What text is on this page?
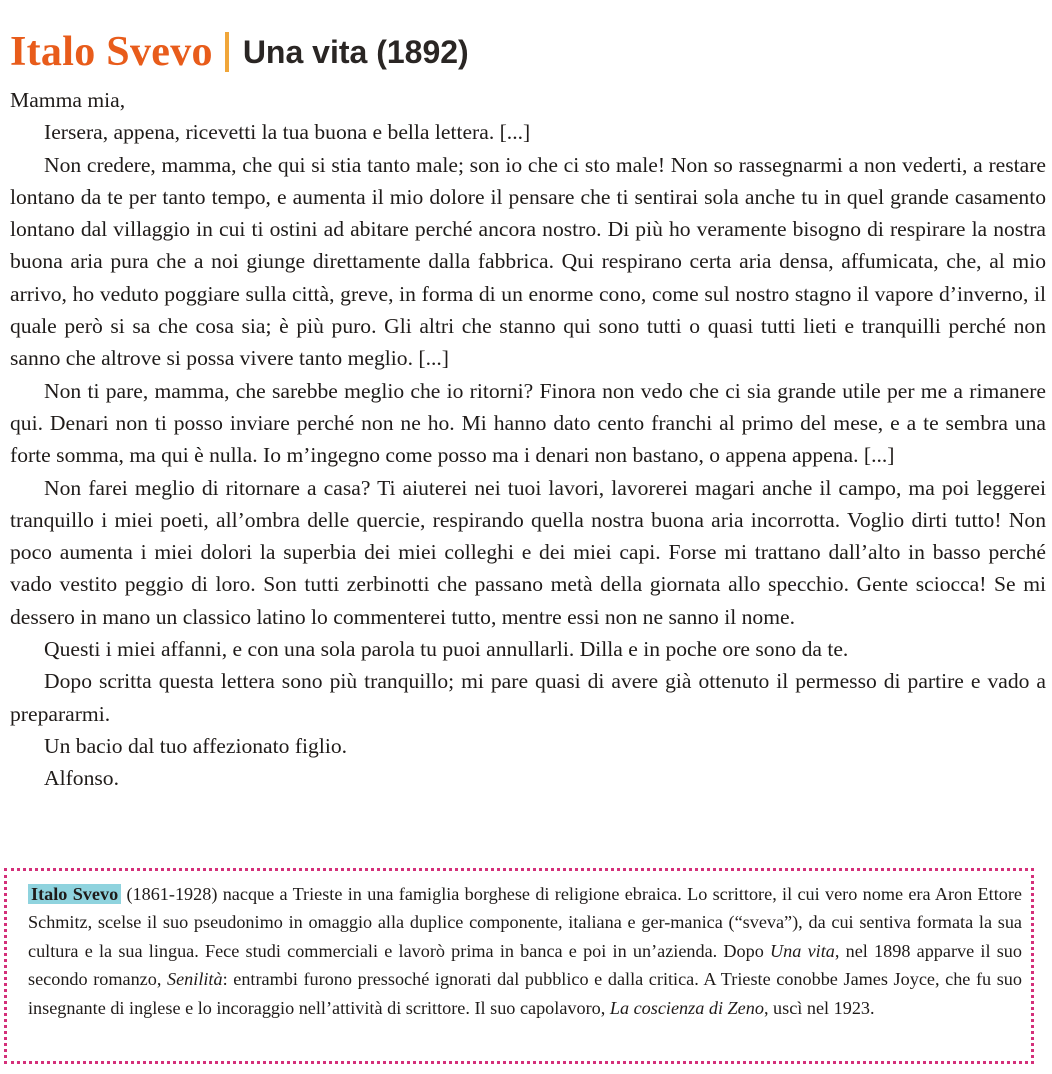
Italo Svevo Una vita (1892)

Mamma mia,

Iersera, appena, ricevetti la tua buona e bella lettera. [...]

Non credere, mamma, che qui si stia tanto male; son io che ci sto male! Non so rassegnarmi a non vederti, a restare lontano da te per tanto tempo, e aumenta il mio dolore il pensare che ti sentirai sola anche tu in quel grande casamento lontano dal villaggio in cui ti ostini ad abitare perché ancora nostro. Di più ho veramente bisogno di respirare la nostra buona aria pura che a noi giunge direttamente dalla fabbrica. Qui respirano certa aria densa, affumicata, che, al mio arrivo, ho veduto poggiare sulla città, greve, in forma di un enorme cono, come sul nostro stagno il vapore d’inverno, il quale però si sa che cosa sia; è più puro. Gli altri che stanno qui sono tutti o quasi tutti lieti e tranquilli perché non sanno che altrove si possa vivere tanto meglio. [...]

Non ti pare, mamma, che sarebbe meglio che io ritorni? Finora non vedo che ci sia grande utile per me a rimanere qui. Denari non ti posso inviare perché non ne ho. Mi hanno dato cento franchi al primo del mese, e a te sembra una forte somma, ma qui è nulla. Io m’ingegno come posso ma i denari non bastano, o appena appena. [...]

Non farei meglio di ritornare a casa? Ti aiuterei nei tuoi lavori, lavorerei magari anche il campo, ma poi leggerei tranquillo i miei poeti, all’ombra delle quercie, respirando quella nostra buona aria incorrotta. Voglio dirti tutto! Non poco aumenta i miei dolori la superbia dei miei colleghi e dei miei capi. Forse mi trattano dall’alto in basso perché vado vestito peggio di loro. Son tutti zerbinotti che passano metà della giornata allo specchio. Gente sciocca! Se mi dessero in mano un classico latino lo commenterei tutto, mentre essi non ne sanno il nome.

Questi i miei affanni, e con una sola parola tu puoi annullarli. Dilla e in poche ore sono da te.

Dopo scritta questa lettera sono più tranquillo; mi pare quasi di avere già ottenuto il permesso di partire e vado a prepararmi.

Un bacio dal tuo affezionato figlio.

Alfonso.

Italo Svevo (1861-1928) nacque a Trieste in una famiglia borghese di religione ebraica. Lo scrittore, il cui vero nome era Aron Ettore Schmitz, scelse il suo pseudonimo in omaggio alla duplice componente, italiana e ger-manica (“sveva”), da cui sentiva formata la sua cultura e la sua lingua. Fece studi commerciali e lavorò prima in banca e poi in un’azienda. Dopo Una vita, nel 1898 apparve il suo secondo romanzo, Senilità: entrambi furono pressoché ignorati dal pubblico e dalla critica. A Trieste conobbe James Joyce, che fu suo insegnante di inglese e lo incoraggio nell’attività di scrittore. Il suo capolavoro, La coscienza di Zeno, uscì nel 1923.
